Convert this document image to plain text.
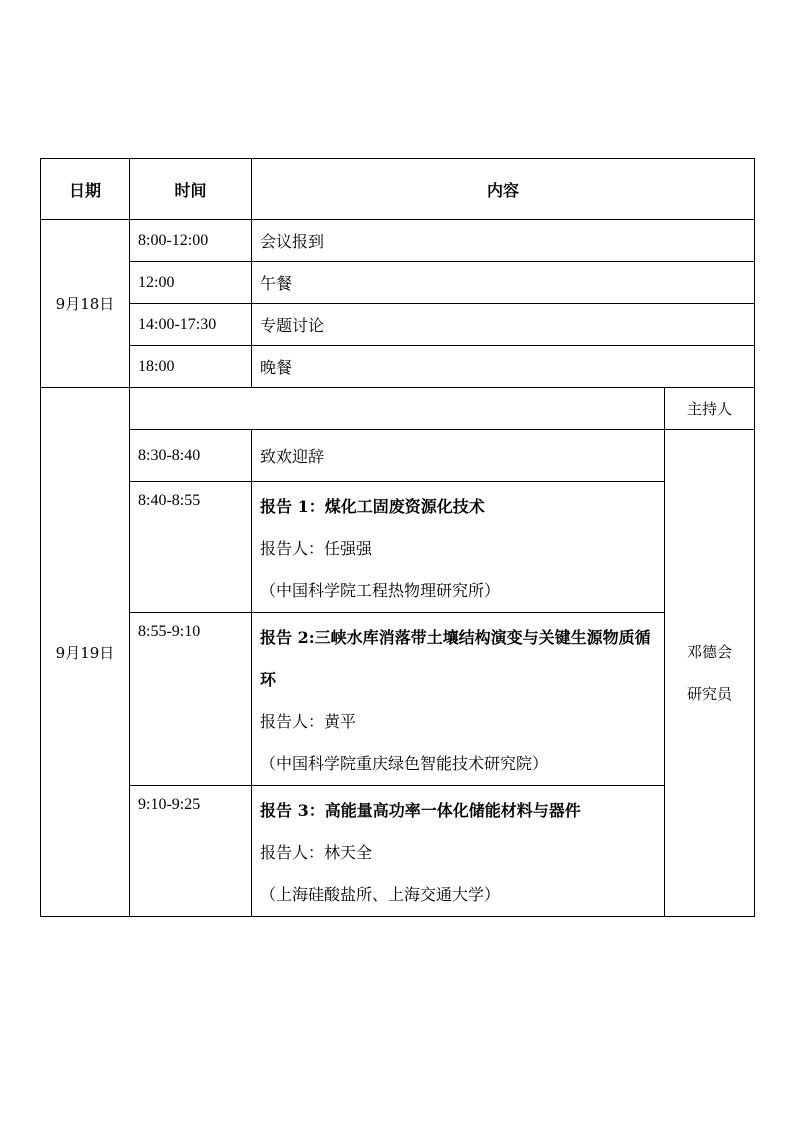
日期	时间	内容	
9月18日	8:00-12:00	会议报到	
	12:00	午餐	
	14:00-17:30	专题讨论	
	18:00	晚餐	
9月19日			主持人
	8:30-8:40	致欢迎辞	邓德会
研究员

	8:40-8:55	报告 1：煤化工固废资源化技术
报告人：任强强
（中国科学院工程热物理研究所）	

	8:55-9:10	报告 2:三峡水库消落带土壤结构演变与关键生源物质循环
报告人：黄平
（中国科学院重庆绿色智能技术研究院）	

	9:10-9:25	报告 3：高能量高功率一体化储能材料与器件
报告人：林天全
（上海硅酸盐所、上海交通大学）	
